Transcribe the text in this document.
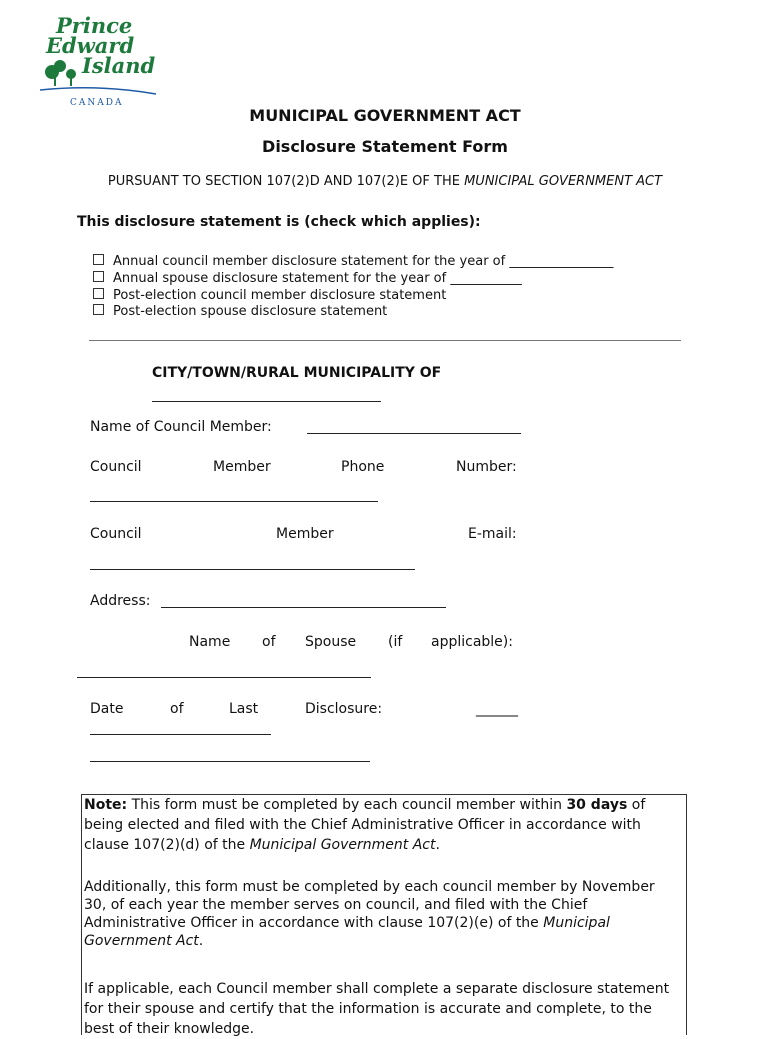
Prince
Edward
Island
CANADA
MUNICIPAL GOVERNMENT ACT
Disclosure Statement Form
PURSUANT TO SECTION 107(2)D AND 107(2)E OF THE MUNICIPAL GOVERNMENT ACT
This disclosure statement is (check which applies):
Annual council member disclosure statement for the year of ________________
Annual spouse disclosure statement for the year of ___________
Post-election council member disclosure statement
Post-election spouse disclosure statement
CITY/TOWN/RURAL MUNICIPALITY OF
Name of Council Member:
Council	Member	Phone	Number:
Council	Member	E-mail:
Address:
Name of Spouse (if applicable):
Date	of	Last	Disclosure:	______
Note: This form must be completed by each council member within 30 days of being elected and filed with the Chief Administrative Officer in accordance with clause 107(2)(d) of the Municipal Government Act.
Additionally, this form must be completed by each council member by November 30, of each year the member serves on council, and filed with the Chief Administrative Officer in accordance with clause 107(2)(e) of the Municipal Government Act.
If applicable, each Council member shall complete a separate disclosure statement for their spouse and certify that the information is accurate and complete, to the best of their knowledge.
